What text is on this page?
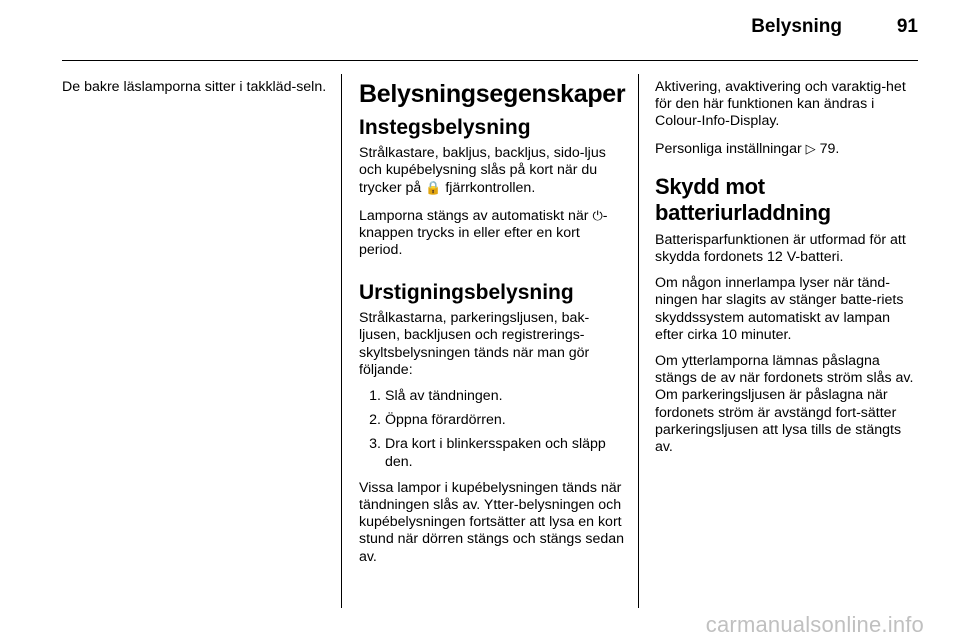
Belysning	91

De bakre läslamporna sitter i takkläd-seln.	Belysningsegenskaper
Instegsbelysning

Strålkastare, bakljus, backljus, sido-ljus och kupébelysning slås på kort när du trycker på 🔒 fjärrkontrollen.

Lamporna stängs av automatiskt när ⏻-knappen trycks in eller efter en kort period.

Urstigningsbelysning

Strålkastarna, parkeringsljusen, bak-ljusen, backljusen och registrerings-skyltsbelysningen tänds när man gör följande:

1. Slå av tändningen.
2. Öppna förardörren.
3. Dra kort i blinkersspaken och släpp den.

Vissa lampor i kupébelysningen tänds när tändningen slås av. Ytter-belysningen och kupébelysningen fortsätter att lysa en kort stund när dörren stängs och stängs sedan av.

Aktivering, avaktivering och varaktig-het för den här funktionen kan ändras i Colour-Info-Display.

Personliga inställningar ▷ 79.

Skydd mot
batteriurladdning

Batterisparfunktionen är utformad för att skydda fordonets 12 V-batteri.

Om någon innerlampa lyser när tänd-ningen har slagits av stänger batte-riets skyddssystem automatiskt av lampan efter cirka 10 minuter.

Om ytterlamporna lämnas påslagna stängs de av när fordonets ström slås av. Om parkeringsljusen är påslagna när fordonets ström är avstängd fort-sätter parkeringsljusen att lysa tills de stängts av.

carmanualsonline.info
